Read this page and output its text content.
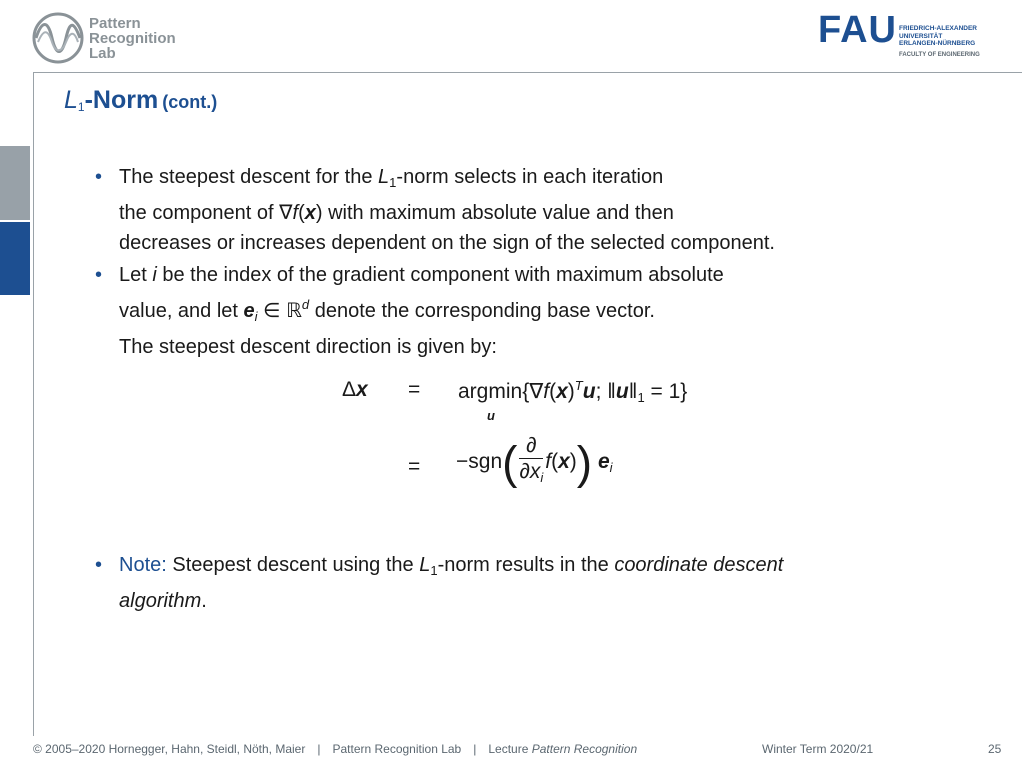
Pattern
Recognition
Lab
FAU FRIEDRICH-ALEXANDER
UNIVERSITÄT
ERLANGEN-NÜRNBERG
FACULTY OF ENGINEERING
$L_1$-Norm (cont.)
• The steepest descent for the $L_1$-norm selects in each iteration
the component of ∇f(x) with maximum absolute value and then
decreases or increases dependent on the sign of the selected component.
• Let i be the index of the gradient component with maximum absolute
value, and let $e_i$ ∈ ℝ$^d$ denote the corresponding base vector.
The steepest descent direction is given by:
$\Delta x = argmin\{\nabla f(x)^Tu$; $‖u‖_1 = 1$}
u
= $-sgn( \frac{\partial}{\partial x_i} f(x))$ $e_i$
• Note: Steepest descent using the $L_1$-norm results in the coordinate descent
algorithm.
© 2005–2020 Hornegger, Hahn, Steidl, Nöth, Maier | Pattern Recognition Lab | Lecture Pattern Recognition	Winter Term 2020/21	25
